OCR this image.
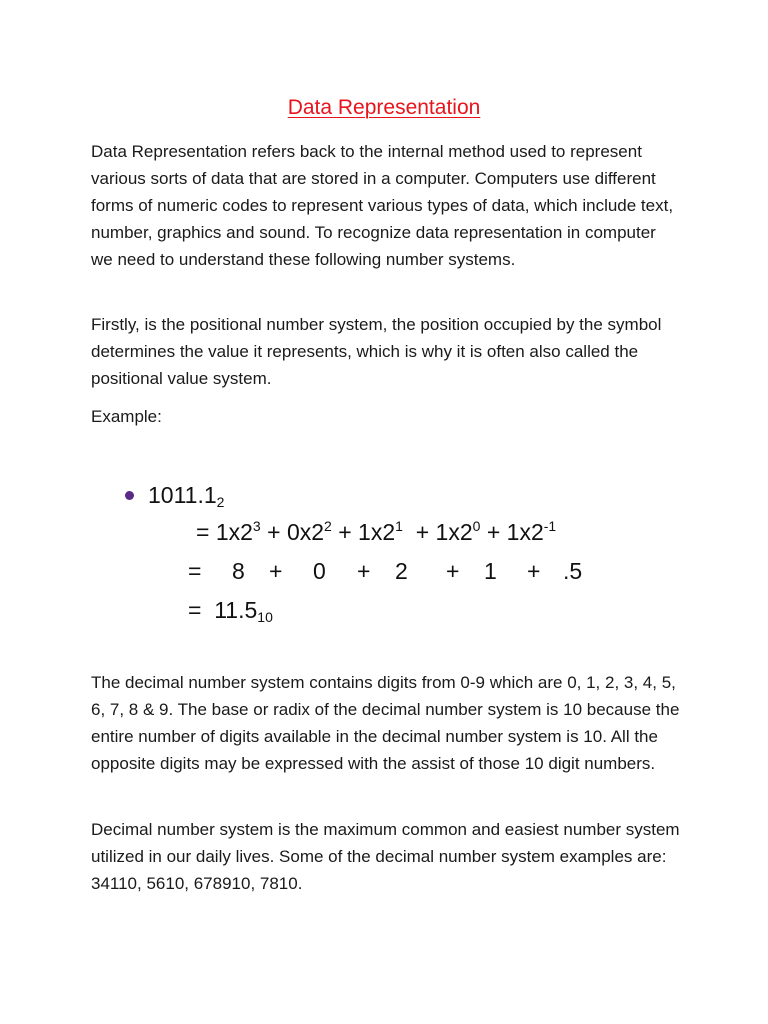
Data Representation

Data Representation refers back to the internal method used to represent various sorts of data that are stored in a computer. Computers use different forms of numeric codes to represent various types of data, which include text, number, graphics and sound. To recognize data representation in computer we need to understand these following number systems.

Firstly, is the positional number system, the position occupied by the symbol determines the value it represents, which is why it is often also called the positional value system.

Example:

$1011.1_2$
= $1x2^3 + 0x2^2 + 1x2^1 + 1x2^0 + 1x2^{-1}$
= 8 + 0 + 2 + 1 + .5
= $11.5_{10}$

The decimal number system contains digits from 0-9 which are 0, 1, 2, 3, 4, 5, 6, 7, 8 & 9. The base or radix of the decimal number system is 10 because the entire number of digits available in the decimal number system is 10. All the opposite digits may be expressed with the assist of those 10 digit numbers.

Decimal number system is the maximum common and easiest number system utilized in our daily lives. Some of the decimal number system examples are: 34110, 5610, 678910, 7810.
